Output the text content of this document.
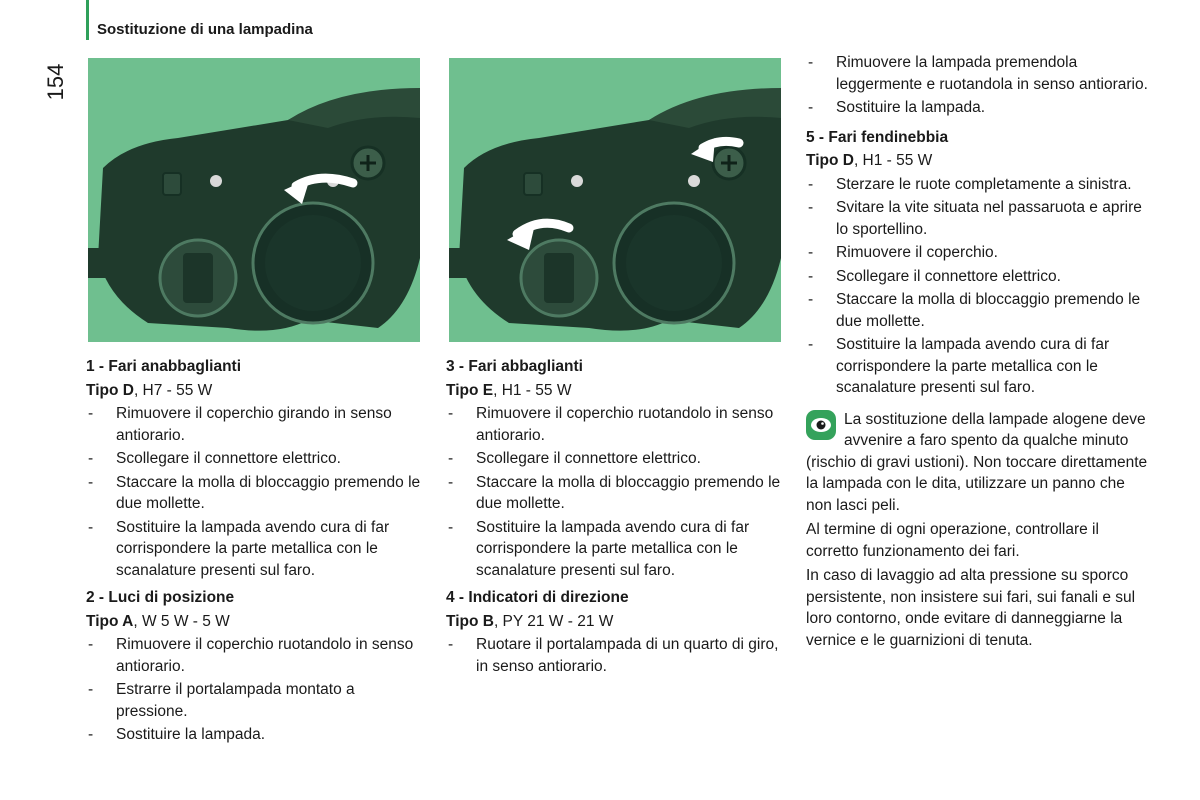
Sostituzione di una lampadina
154
1 - Fari anabbaglianti
Tipo D, H7 - 55 W
- Rimuovere il coperchio girando in senso antiorario.
- Scollegare il connettore elettrico.
- Staccare la molla di bloccaggio premendo le due mollette.
- Sostituire la lampada avendo cura di far corrispondere la parte metallica con le scanalature presenti sul faro.
2 - Luci di posizione
Tipo A, W 5 W - 5 W
- Rimuovere il coperchio ruotandolo in senso antiorario.
- Estrarre il portalampada montato a pressione.
- Sostituire la lampada.
3 - Fari abbaglianti
Tipo E, H1 - 55 W
- Rimuovere il coperchio ruotandolo in senso antiorario.
- Scollegare il connettore elettrico.
- Staccare la molla di bloccaggio premendo le due mollette.
- Sostituire la lampada avendo cura di far corrispondere la parte metallica con le scanalature presenti sul faro.
4 - Indicatori di direzione
Tipo B, PY 21 W - 21 W
- Ruotare il portalampada di un quarto di giro, in senso antiorario.
- Rimuovere la lampada premendola leggermente e ruotandola in senso antiorario.
- Sostituire la lampada.
5 - Fari fendinebbia
Tipo D, H1 - 55 W
- Sterzare le ruote completamente a sinistra.
- Svitare la vite situata nel passaruota e aprire lo sportellino.
- Rimuovere il coperchio.
- Scollegare il connettore elettrico.
- Staccare la molla di bloccaggio premendo le due mollette.
- Sostituire la lampada avendo cura di far corrispondere la parte metallica con le scanalature presenti sul faro.
La sostituzione della lampade alogene deve avvenire a faro spento da qualche minuto (rischio di gravi ustioni). Non toccare direttamente la lampada con le dita, utilizzare un panno che non lasci peli.
Al termine di ogni operazione, controllare il corretto funzionamento dei fari.
In caso di lavaggio ad alta pressione su sporco persistente, non insistere sui fari, sui fanali e sul loro contorno, onde evitare di danneggiarne la vernice e le guarnizioni di tenuta.
